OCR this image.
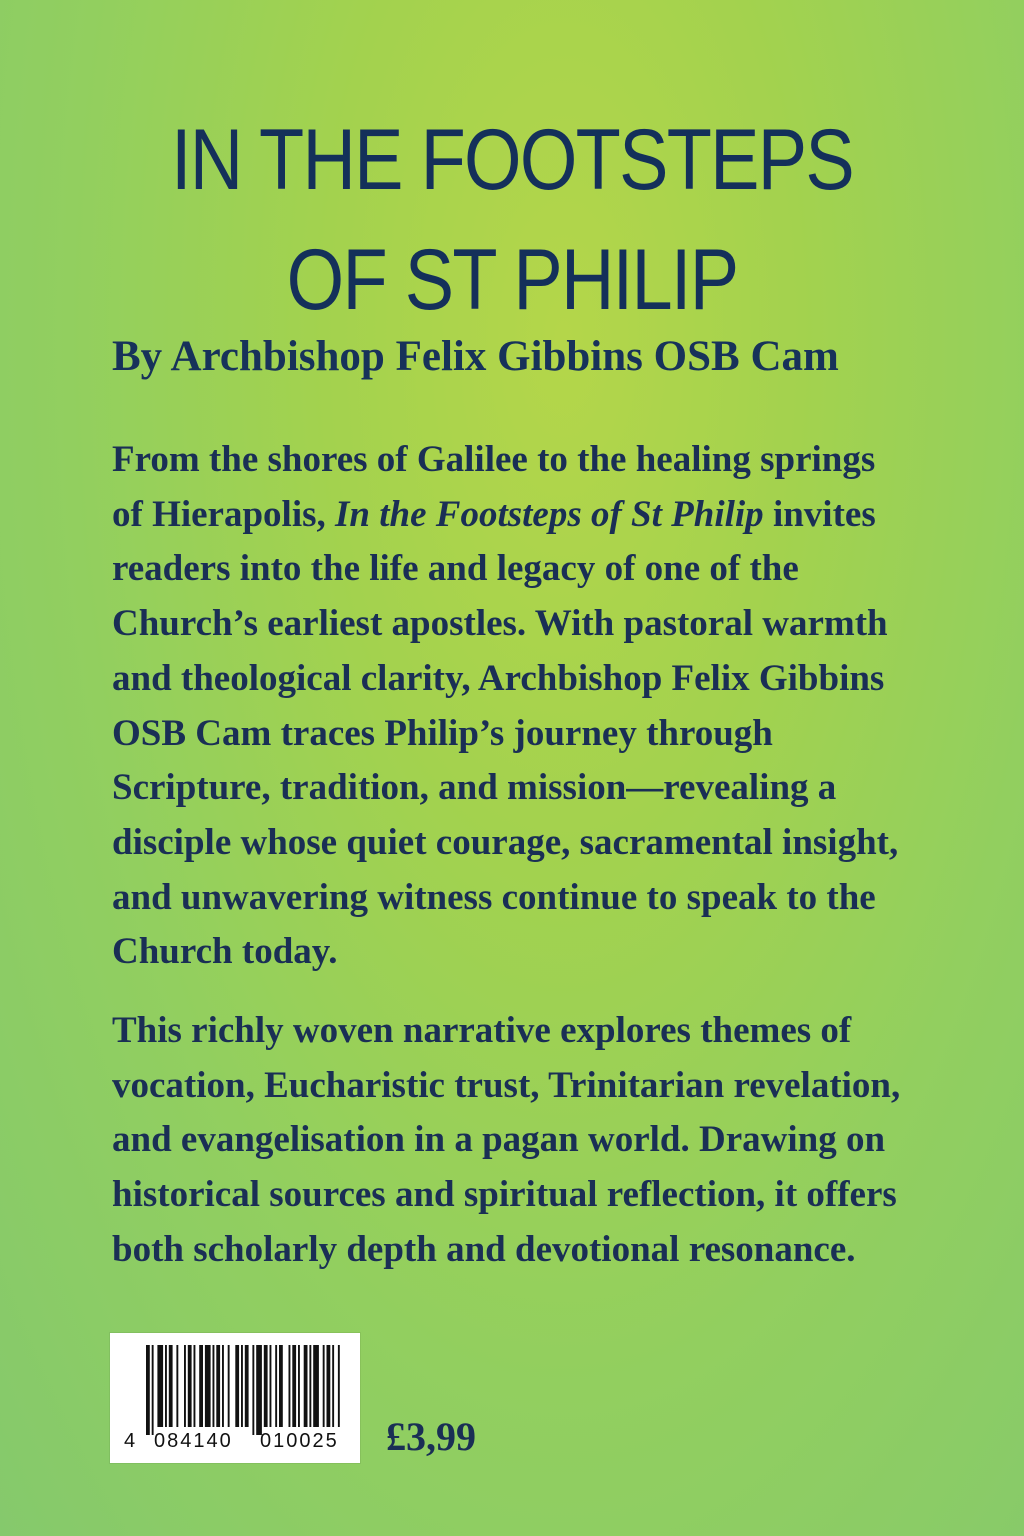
IN THE FOOTSTEPS
OF ST PHILIP

By Archbishop Felix Gibbins OSB Cam

From the shores of Galilee to the healing springs
of Hierapolis, In the Footsteps of St Philip invites
readers into the life and legacy of one of the
Church’s earliest apostles. With pastoral warmth
and theological clarity, Archbishop Felix Gibbins
OSB Cam traces Philip’s journey through
Scripture, tradition, and mission—revealing a
disciple whose quiet courage, sacramental insight,
and unwavering witness continue to speak to the
Church today.

This richly woven narrative explores themes of
vocation, Eucharistic trust, Trinitarian revelation,
and evangelisation in a pagan world. Drawing on
historical sources and spiritual reflection, it offers
both scholarly depth and devotional resonance.

4 084140 010025 £3,99
